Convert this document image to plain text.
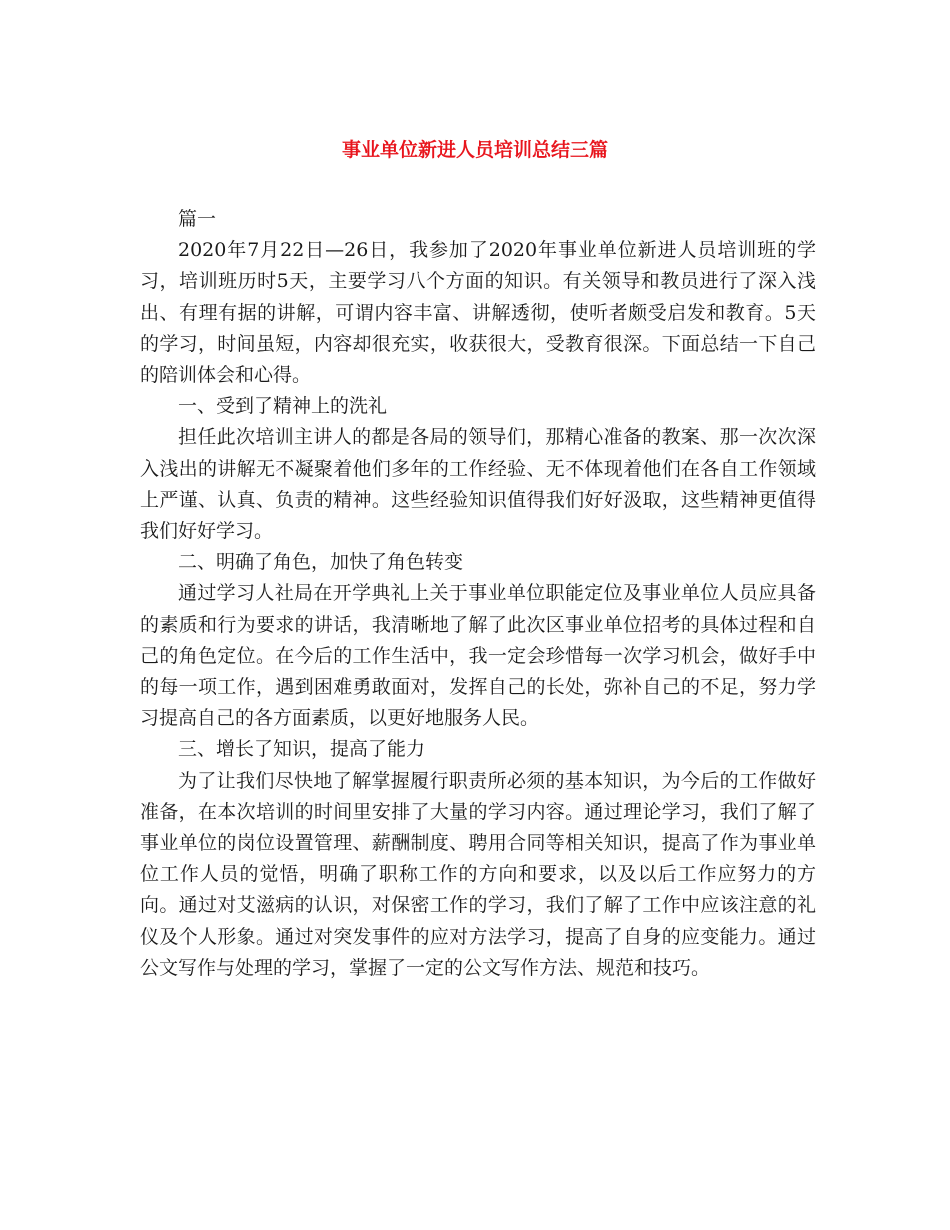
事业单位新进人员培训总结三篇

篇一

2020年7月22日—26日，我参加了2020年事业单位新进人员培训班的学习，培训班历时5天，主要学习八个方面的知识。有关领导和教员进行了深入浅出、有理有据的讲解，可谓内容丰富、讲解透彻，使听者颇受启发和教育。5天的学习，时间虽短，内容却很充实，收获很大，受教育很深。下面总结一下自己的陪训体会和心得。

一、受到了精神上的洗礼

担任此次培训主讲人的都是各局的领导们，那精心准备的教案、那一次次深入浅出的讲解无不凝聚着他们多年的工作经验、无不体现着他们在各自工作领域上严谨、认真、负责的精神。这些经验知识值得我们好好汲取，这些精神更值得我们好好学习。

二、明确了角色，加快了角色转变

通过学习人社局在开学典礼上关于事业单位职能定位及事业单位人员应具备的素质和行为要求的讲话，我清晰地了解了此次区事业单位招考的具体过程和自己的角色定位。在今后的工作生活中，我一定会珍惜每一次学习机会，做好手中的每一项工作，遇到困难勇敢面对，发挥自己的长处，弥补自己的不足，努力学习提高自己的各方面素质，以更好地服务人民。

三、增长了知识，提高了能力

为了让我们尽快地了解掌握履行职责所必须的基本知识，为今后的工作做好准备，在本次培训的时间里安排了大量的学习内容。通过理论学习，我们了解了事业单位的岗位设置管理、薪酬制度、聘用合同等相关知识，提高了作为事业单位工作人员的觉悟，明确了职称工作的方向和要求，以及以后工作应努力的方向。通过对艾滋病的认识，对保密工作的学习，我们了解了工作中应该注意的礼仪及个人形象。通过对突发事件的应对方法学习，提高了自身的应变能力。通过公文写作与处理的学习，掌握了一定的公文写作方法、规范和技巧。
